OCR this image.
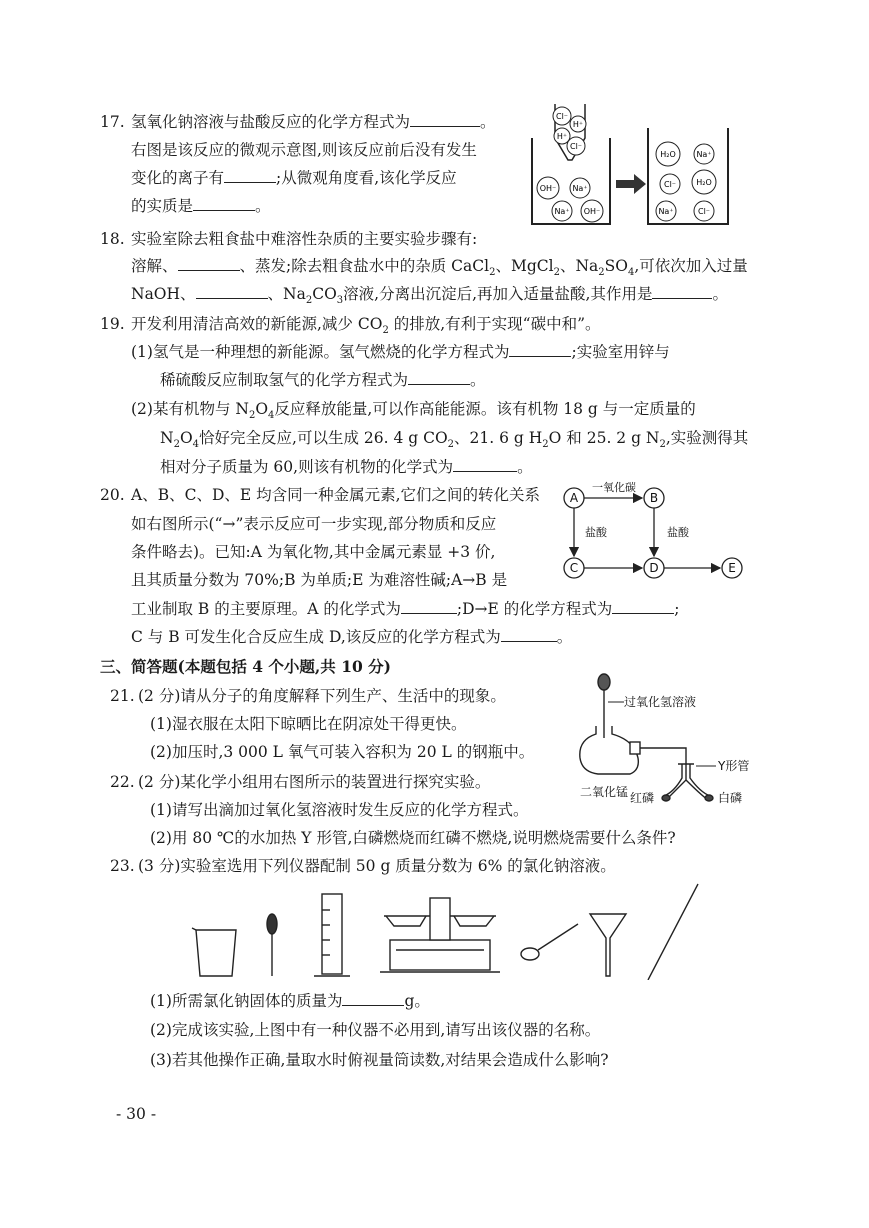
17. 氢氧化钠溶液与盐酸反应的化学方程式为	。
右图是该反应的微观示意图,则该反应前后没有发生
变化的离子有	;从微观角度看,该化学反应
的实质是	。
Cl⁻
H⁺
H⁺
Cl⁻
OH⁻ Na⁺
Na⁺ OH⁻
H₂O	Na⁺
Cl⁻	H₂O
Na⁺	Cl⁻
18. 实验室除去粗食盐中难溶性杂质的主要实验步骤有:
溶解、	、蒸发;除去粗食盐水中的杂质 CaCl$_2$、MgCl$_2$、$Na_2SO_4$,可依次加入过量
NaOH、	、$Na_2CO_3$溶液,分离出沉淀后,再加入适量盐酸,其作用是	。
19. 开发利用清洁高效的新能源,减少 $CO_2$ 的排放,有利于实现“碳中和”。
(1)氢气是一种理想的新能源。氢气燃烧的化学方程式为	;实验室用锌与
稀硫酸反应制取氢气的化学方程式为	。
(2)某有机物与 $N_2O_4$反应释放能量,可以作高能能源。该有机物 18 g 与一定质量的
$N_2O_4$恰好完全反应,可以生成 26. 4 g $CO_2$、21. 6 g $H_2O$ 和 25. 2 g $N_2$,实验测得其
相对分子质量为 60,则该有机物的化学式为	。
20. A、B、C、D、E 均含同一种金属元素,它们之间的转化关系
如右图所示(“→”表示反应可一步实现,部分物质和反应
条件略去)。已知:A 为氧化物,其中金属元素显 +3 价,
且其质量分数为 70%;B 为单质;E 为难溶性碱;A→B 是
工业制取 B 的主要原理。A 的化学式为	;D→E 的化学方程式为	;
C 与 B 可发生化合反应生成 D,该反应的化学方程式为	。
A	B
C	D	E
一氧化碳
盐酸	盐酸
三、简答题(本题包括 4 个小题,共 10 分)
21. (2 分)请从分子的角度解释下列生产、生活中的现象。
(1)湿衣服在太阳下晾晒比在阴凉处干得更快。
(2)加压时,3 000 L 氧气可装入容积为 20 L 的钢瓶中。
22. (2 分)某化学小组用右图所示的装置进行探究实验。
(1)请写出滴加过氧化氢溶液时发生反应的化学方程式。
(2)用 80 ℃的水加热 Y 形管,白磷燃烧而红磷不燃烧,说明燃烧需要什么条件?
过氧化氢溶液
二氧化锰
Y形管
红磷	白磷
23. (3 分)实验室选用下列仪器配制 50 g 质量分数为 6% 的氯化钠溶液。
(1)所需氯化钠固体的质量为	g。
(2)完成该实验,上图中有一种仪器不必用到,请写出该仪器的名称。
(3)若其他操作正确,量取水时俯视量筒读数,对结果会造成什么影响?
- 30 -
